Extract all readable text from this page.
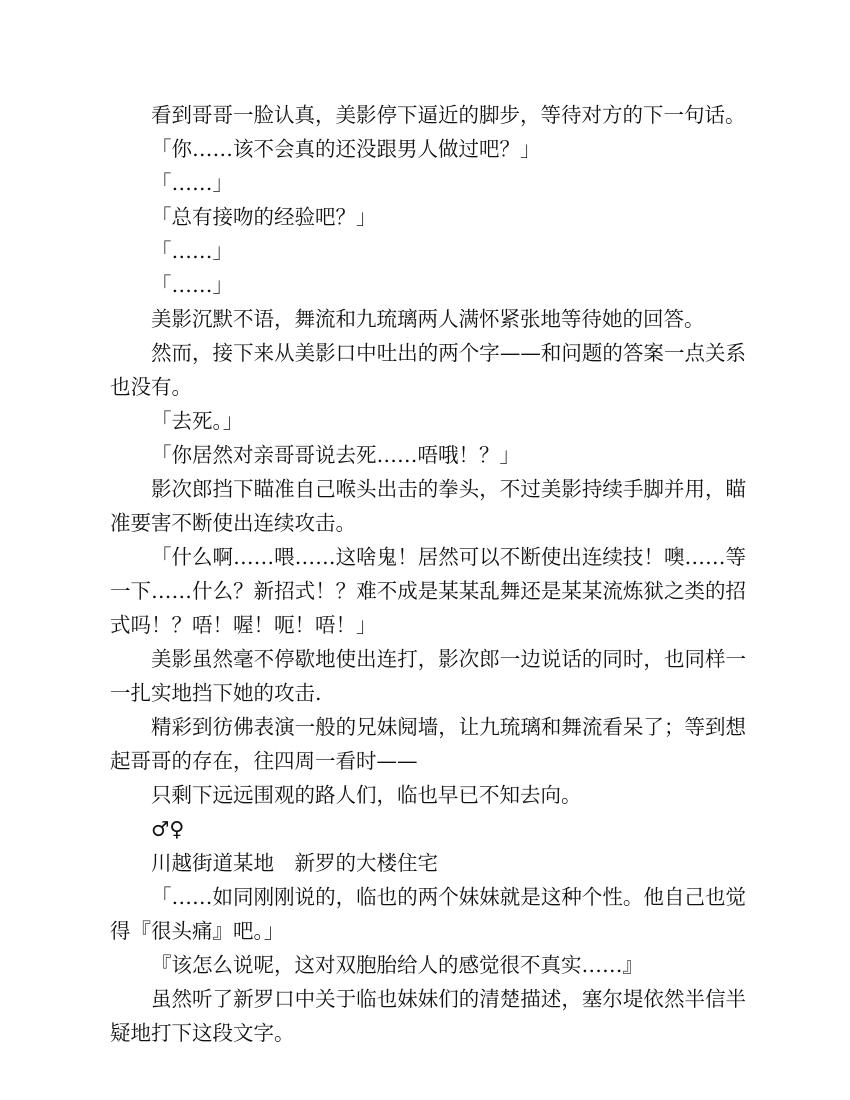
看到哥哥一脸认真，美影停下逼近的脚步，等待对方的下一句话。

「你……该不会真的还没跟男人做过吧？」

「……」

「总有接吻的经验吧？」

「……」

「……」

美影沉默不语，舞流和九琉璃两人满怀紧张地等待她的回答。

然而，接下来从美影口中吐出的两个字——和问题的答案一点关系也没有。

「去死。」

「你居然对亲哥哥说去死……唔哦！？」

影次郎挡下瞄准自己喉头出击的拳头，不过美影持续手脚并用，瞄准要害不断使出连续攻击。

「什么啊……喂……这啥鬼！居然可以不断使出连续技！噢……等一下……什么？新招式！？难不成是某某乱舞还是某某流炼狱之类的招式吗！？唔！喔！呃！唔！」

美影虽然毫不停歇地使出连打，影次郎一边说话的同时，也同样一一扎实地挡下她的攻击.

精彩到彷佛表演一般的兄妹阋墙，让九琉璃和舞流看呆了；等到想起哥哥的存在，往四周一看时——

只剩下远远围观的路人们，临也早已不知去向。

♂♀

川越街道某地　新罗的大楼住宅

「……如同刚刚说的，临也的两个妹妹就是这种个性。他自己也觉得『很头痛』吧。」

『该怎么说呢，这对双胞胎给人的感觉很不真实……』

虽然听了新罗口中关于临也妹妹们的清楚描述，塞尔堤依然半信半疑地打下这段文字。
